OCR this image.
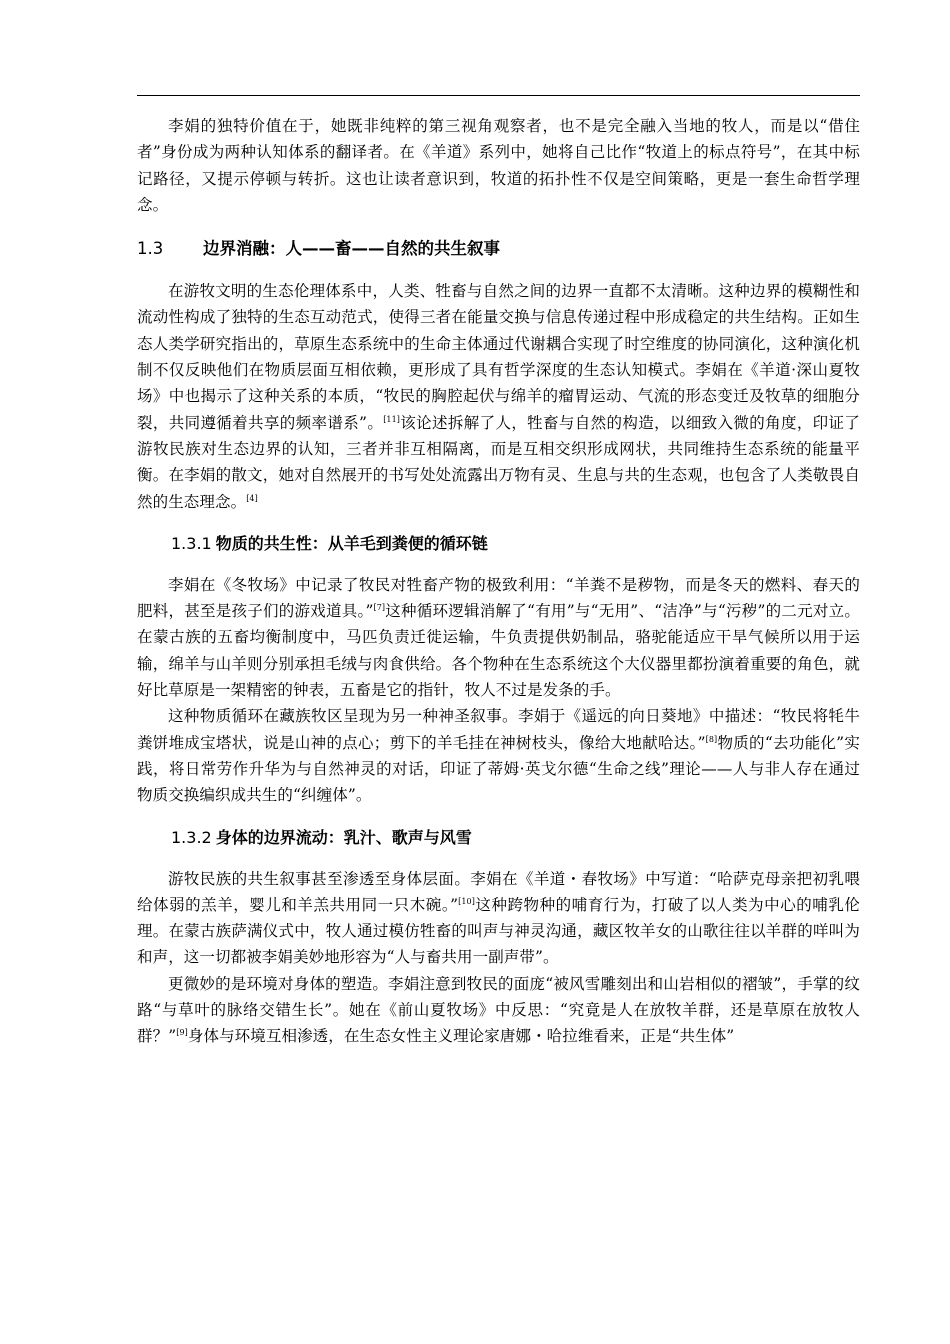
李娟的独特价值在于，她既非纯粹的第三视角观察者，也不是完全融入当地的牧人，而是以“借住者”身份成为两种认知体系的翻译者。在《羊道》系列中，她将自己比作“牧道上的标点符号”，在其中标记路径，又提示停顿与转折。这也让读者意识到，牧道的拓扑性不仅是空间策略，更是一套生命哲学理念。

1.3 边界消融：人——畜——自然的共生叙事

在游牧文明的生态伦理体系中，人类、牲畜与自然之间的边界一直都不太清晰。这种边界的模糊性和流动性构成了独特的生态互动范式，使得三者在能量交换与信息传递过程中形成稳定的共生结构。正如生态人类学研究指出的，草原生态系统中的生命主体通过代谢耦合实现了时空维度的协同演化，这种演化机制不仅反映他们在物质层面互相依赖，更形成了具有哲学深度的生态认知模式。李娟在《羊道·深山夏牧场》中也揭示了这种关系的本质，“牧民的胸腔起伏与绵羊的瘤胃运动、气流的形态变迁及牧草的细胞分裂，共同遵循着共享的频率谱系”。[11]该论述拆解了人，牲畜与自然的构造，以细致入微的角度，印证了游牧民族对生态边界的认知，三者并非互相隔离，而是互相交织形成网状，共同维持生态系统的能量平衡。在李娟的散文，她对自然展开的书写处处流露出万物有灵、生息与共的生态观，也包含了人类敬畏自然的生态理念。[4]

1.3.1 物质的共生性：从羊毛到粪便的循环链

李娟在《冬牧场》中记录了牧民对牲畜产物的极致利用：“羊粪不是秽物，而是冬天的燃料、春天的肥料，甚至是孩子们的游戏道具。”[7]这种循环逻辑消解了“有用”与“无用”、“洁净”与“污秽”的二元对立。在蒙古族的五畜均衡制度中，马匹负责迁徙运输，牛负责提供奶制品，骆驼能适应干旱气候所以用于运输，绵羊与山羊则分别承担毛绒与肉食供给。各个物种在生态系统这个大仪器里都扮演着重要的角色，就好比草原是一架精密的钟表，五畜是它的指针，牧人不过是发条的手。

这种物质循环在藏族牧区呈现为另一种神圣叙事。李娟于《遥远的向日葵地》中描述：“牧民将牦牛粪饼堆成宝塔状，说是山神的点心；剪下的羊毛挂在神树枝头，像给大地献哈达。”[8]物质的“去功能化”实践，将日常劳作升华为与自然神灵的对话，印证了蒂姆·英戈尔德“生命之线”理论——人与非人存在通过物质交换编织成共生的“纠缠体”。

1.3.2 身体的边界流动：乳汁、歌声与风雪

游牧民族的共生叙事甚至渗透至身体层面。李娟在《羊道・春牧场》中写道：“哈萨克母亲把初乳喂给体弱的羔羊，婴儿和羊羔共用同一只木碗。”[10]这种跨物种的哺育行为，打破了以人类为中心的哺乳伦理。在蒙古族萨满仪式中，牧人通过模仿牲畜的叫声与神灵沟通，藏区牧羊女的山歌往往以羊群的咩叫为和声，这一切都被李娟美妙地形容为“人与畜共用一副声带”。

更微妙的是环境对身体的塑造。李娟注意到牧民的面庞“被风雪雕刻出和山岩相似的褶皱”，手掌的纹路“与草叶的脉络交错生长”。她在《前山夏牧场》中反思：“究竟是人在放牧羊群，还是草原在放牧人群？”[9]身体与环境互相渗透，在生态女性主义理论家唐娜・哈拉维看来，正是“共生体”
